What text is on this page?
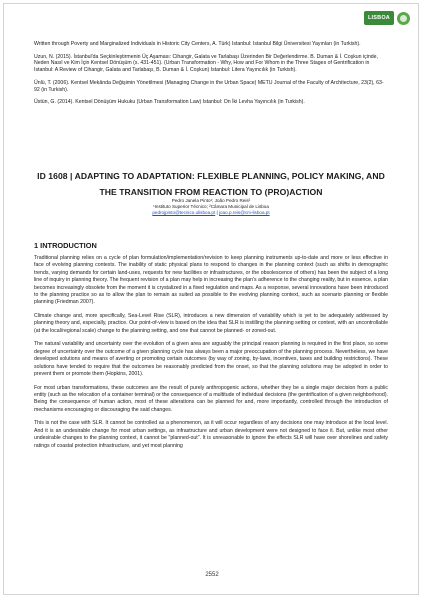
LISBOA

Written through Poverty and Marginalized Individuals in Historic City Centers, A. Türk) Istanbul: Istanbul Bilgi Üniversitesi Yayınları (in Turkish).

Uzun, N. (2015). İstanbul'da Seçkinleştirmenin Üç Aşaması: Cihangir, Galata ve Tarlabaşı Üzerinden Bir Değerlendirme. B. Duman & İ. Coşkun içinde, Neden Nasıl ve Kim İçin Kentsel Dönüşüm (s. 431-451). (Urban Transformation - Why, How and For Whom in the Three Stages of Gentrification in Istanbul: A Review of Cihangir, Galata and Tarlabaşı, B. Duman & İ. Coşkun) Istanbul: Litera Yayıncılık (in Turkish).

Ünlü, T. (2006). Kentsel Mekânda Değişimin Yönetilmesi (Managing Change in the Urban Space) METU Journal of the Faculty of Architecture, 23(2), 63-92 (in Turkish).

Üstün, G. (2014). Kentsel Dönüşüm Hukuku (Urban Transformation Law) Istanbul: On İki Levha Yayıncılık (in Turkish).

ID 1608 | ADAPTING TO ADAPTATION: FLEXIBLE PLANNING, POLICY MAKING, AND THE TRANSITION FROM REACTION TO (PRO)ACTION
Pedro Janela Pinto¹; João Pedro Reis²
¹Instituto Superior Técnico; ²Câmara Municipal de Lisboa
pedrojpinto@tecnico.ulisboa.pt | joao.p.reis@cm-lisboa.pt
1 INTRODUCTION

Traditional planning relies on a cycle of plan formulation/implementation/revision to keep planning instruments up-to-date and more or less effective in face of evolving planning contexts. The inability of static physical plans to respond to changes in the planning context (such as shifts in demographic trends, varying demands for certain land-uses, requests for new facilities or infrastructures, or the obsolescence of others) has been the subject of a long line of inquiry in planning theory. The frequent revision of a plan may help in increasing the plan's adherence to the changing reality, but in essence, a plan becomes increasingly obsolete from the moment it is crystalized in a fixed regulation and maps. As a response, several innovations have been introduced to the planning practice so as to allow the plan to remain as suited as possible to the evolving planning context, such as scenario planning or flexible planning (Friedman 2007).

Climate change and, more specifically, Sea-Level Rise (SLR), introduces a new dimension of variability which is yet to be adequately addressed by planning theory and, especially, practice. Our point-of-view is based on the idea that SLR is instilling the planning setting or context, with an uncontrollable (at the local/regional scale) change to the planning setting, and one that cannot be planned- or zoned-out.

The natural variability and uncertainty over the evolution of a given area are arguably the principal reason planning is required in the first place, so some degree of uncertainty over the outcome of a given planning cycle has always been a major preoccupation of the planning process. Nevertheless, we have developed solutions and means of averting or promoting certain outcomes (by way of zoning, by-laws, incentives, taxes and building restrictions). These solutions have tended to require that the outcomes be reasonably predicted from the onset, so that the planning solutions may be adopted in order to prevent them or promote them (Hopkins, 2001).

For most urban transformations, these outcomes are the result of purely anthropogenic actions, whether they be a single major decision from a public entity (such as the relocation of a container terminal) or the consequence of a multitude of individual decisions (the gentrification of a given neighborhood). Being the consequence of human action, most of these alterations can be planned for and, more importantly, controlled through the introduction of mechanisms encouraging or discouraging the said changes.

This is not the case with SLR. It cannot be controlled as a phenomenon, as it will occur regardless of any decisions one may introduce at the local level. And it is an undesirable change for most urban settings, as infrastructure and urban development were not designed to face it. But, unlike most other undesirable changes to the planning context, it cannot be "planned-out". It is unreasonable to ignore the effects SLR will have over shorelines and safety ratings of coastal protection infrastructure, and yet most planning

2552
